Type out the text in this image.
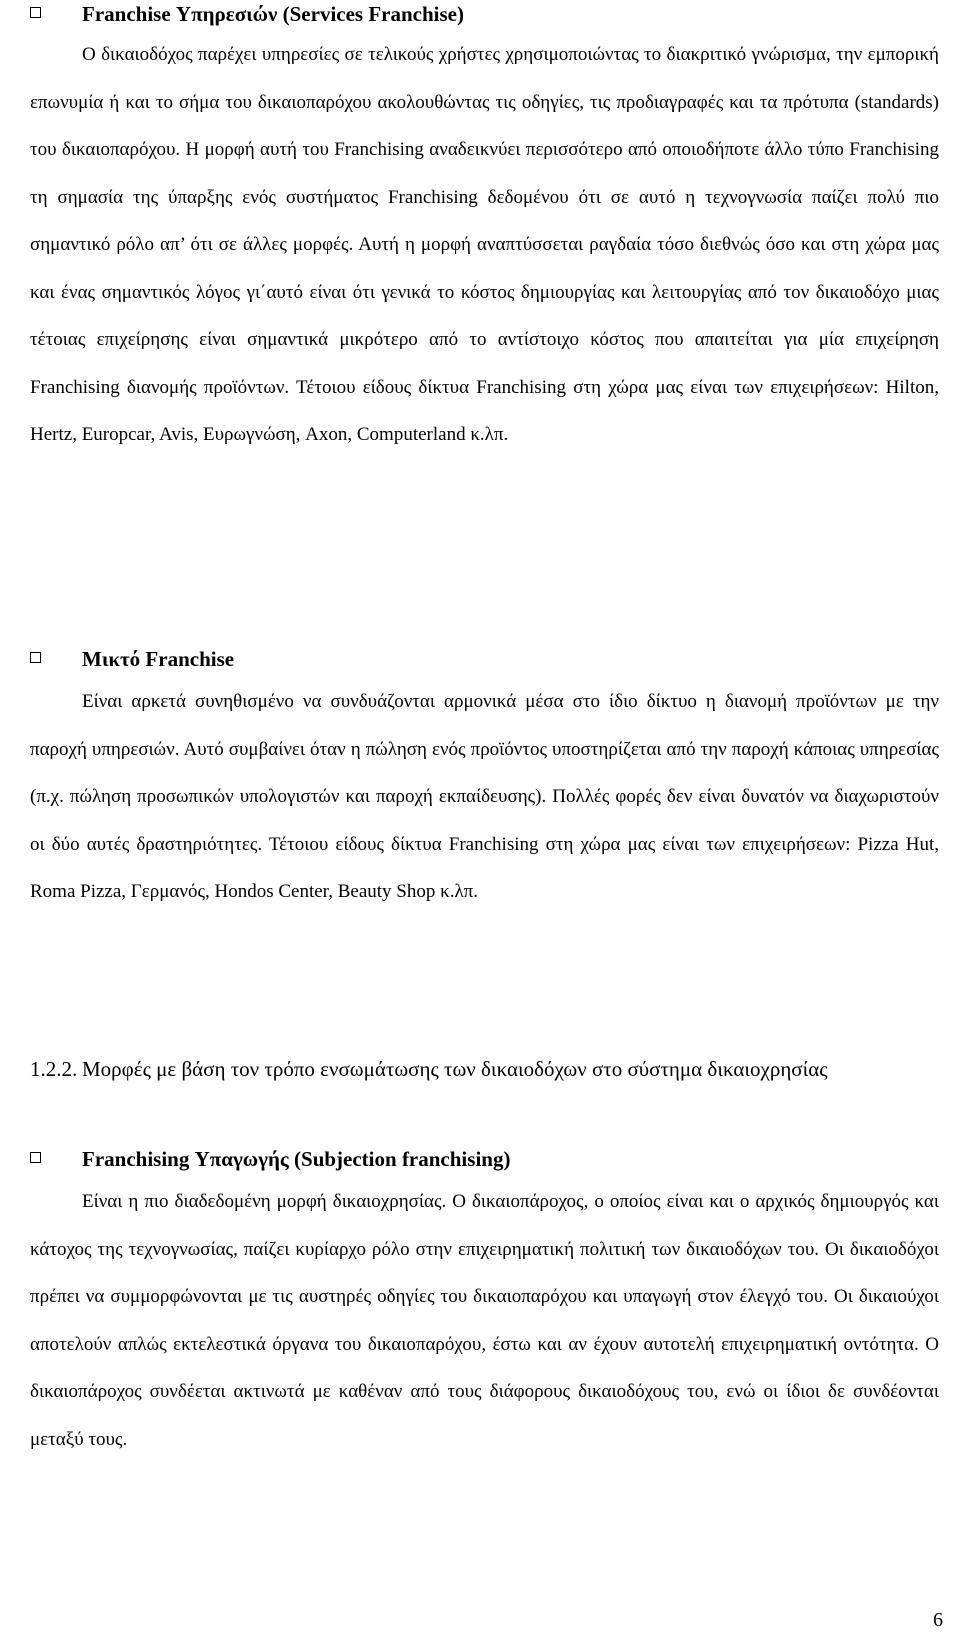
Franchise Υπηρεσιών (Services Franchise)

Ο δικαιοδόχος παρέχει υπηρεσίες σε τελικούς χρήστες χρησιμοποιώντας το διακριτικό γνώρισμα, την εμπορική επωνυμία ή και το σήμα του δικαιοπαρόχου ακολουθώντας τις οδηγίες, τις προδιαγραφές και τα πρότυπα (standards) του δικαιοπαρόχου. Η μορφή αυτή του Franchising αναδεικνύει περισσότερο από οποιοδήποτε άλλο τύπο Franchising τη σημασία της ύπαρξης ενός συστήματος Franchising δεδομένου ότι σε αυτό η τεχνογνωσία παίζει πολύ πιο σημαντικό ρόλο απ’ ότι σε άλλες μορφές. Αυτή η μορφή αναπτύσσεται ραγδαία τόσο διεθνώς όσο και στη χώρα μας και ένας σημαντικός λόγος γι΄αυτό είναι ότι γενικά το κόστος δημιουργίας και λειτουργίας από τον δικαιοδόχο μιας τέτοιας επιχείρησης είναι σημαντικά μικρότερο από το αντίστοιχο κόστος που απαιτείται για μία επιχείρηση Franchising διανομής προϊόντων. Τέτοιου είδους δίκτυα Franchising στη χώρα μας είναι των επιχειρήσεων: Hilton, Hertz, Europcar, Avis, Ευρωγνώση, Axon, Computerland κ.λπ.

Μικτό Franchise

Είναι αρκετά συνηθισμένο να συνδυάζονται αρμονικά μέσα στο ίδιο δίκτυο η διανομή προϊόντων με την παροχή υπηρεσιών. Αυτό συμβαίνει όταν η πώληση ενός προϊόντος υποστηρίζεται από την παροχή κάποιας υπηρεσίας (π.χ. πώληση προσωπικών υπολογιστών και παροχή εκπαίδευσης). Πολλές φορές δεν είναι δυνατόν να διαχωριστούν οι δύο αυτές δραστηριότητες. Τέτοιου είδους δίκτυα Franchising στη χώρα μας είναι των επιχειρήσεων: Pizza Hut, Roma Pizza, Γερμανός, Hondos Center, Beauty Shop κ.λπ.

1.2.2. Μορφές με βάση τον τρόπο ενσωμάτωσης των δικαιοδόχων στο σύστημα δικαιοχρησίας
Franchising Υπαγωγής (Subjection franchising)

Είναι η πιο διαδεδομένη μορφή δικαιοχρησίας. Ο δικαιοπάροχος, ο οποίος είναι και ο αρχικός δημιουργός και κάτοχος της τεχνογνωσίας, παίζει κυρίαρχο ρόλο στην επιχειρηματική πολιτική των δικαιοδόχων του. Οι δικαιοδόχοι πρέπει να συμμορφώνονται με τις αυστηρές οδηγίες του δικαιοπαρόχου και υπαγωγή στον έλεγχό του. Οι δικαιούχοι αποτελούν απλώς εκτελεστικά όργανα του δικαιοπαρόχου, έστω και αν έχουν αυτοτελή επιχειρηματική οντότητα. Ο δικαιοπάροχος συνδέεται ακτινωτά με καθέναν από τους διάφορους δικαιοδόχους του, ενώ οι ίδιοι δε συνδέονται μεταξύ τους.

6
